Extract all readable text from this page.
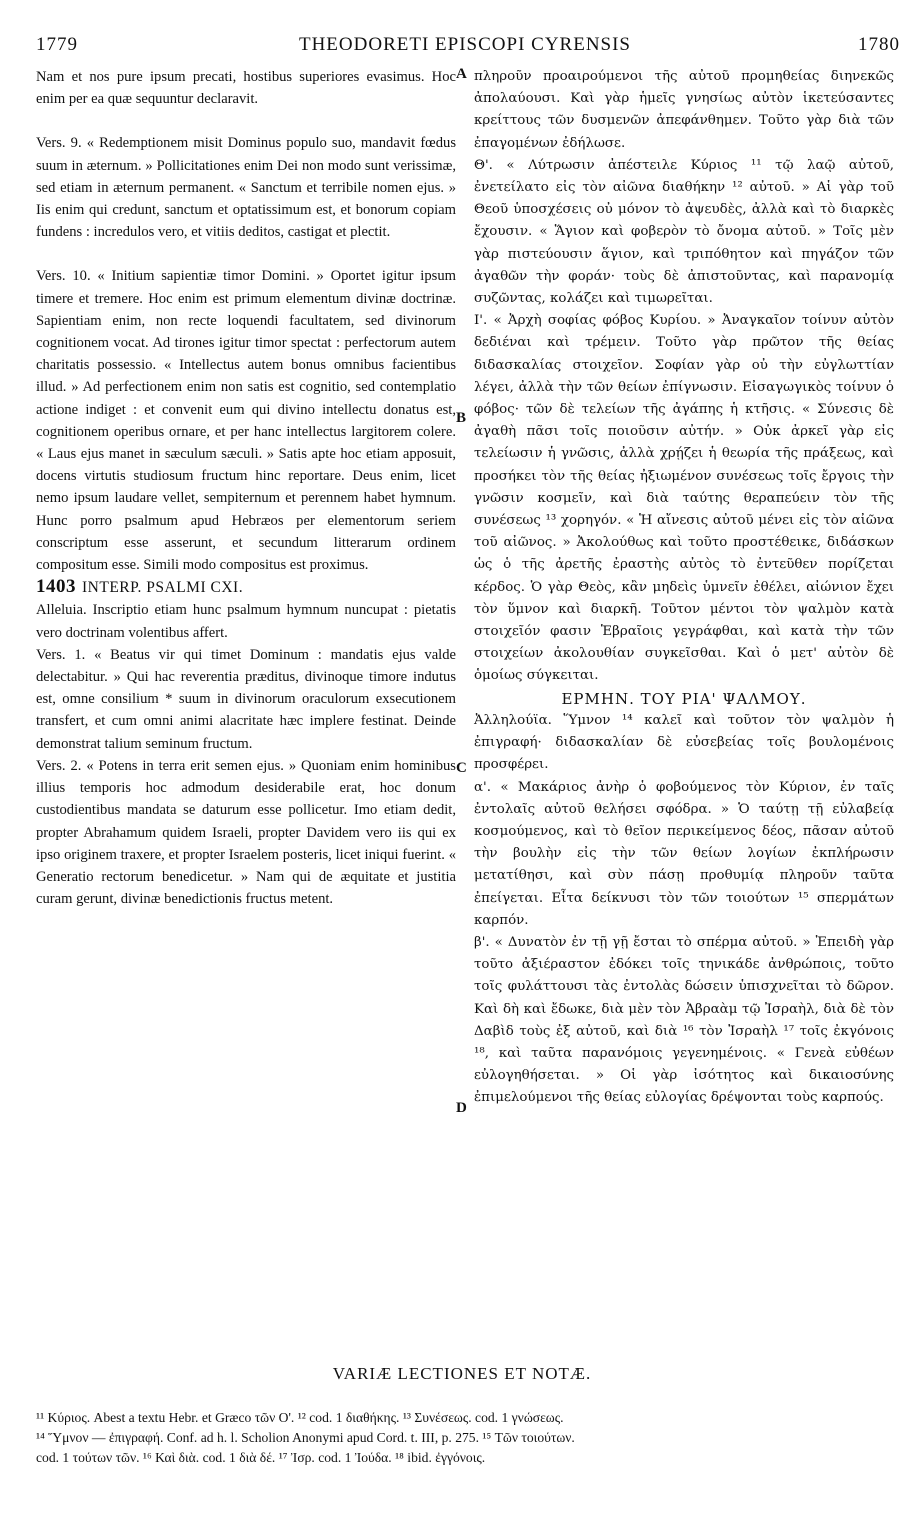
1779	THEODORETI EPISCOPI CYRENSIS	1780
A
B
C
D

Nam et nos pure ipsum precati, hostibus superiores evasimus. Hoc enim per ea quæ sequuntur declaravit.

Vers. 9. « Redemptionem misit Dominus populo suo, mandavit fœdus suum in æternum. » Pollicitationes enim Dei non modo sunt verissimæ, sed etiam in æternum permanent. « Sanctum et terribile nomen ejus. » Iis enim qui credunt, sanctum et optatissimum est, et bonorum copiam fundens : incredulos vero, et vitiis deditos, castigat et plectit.

Vers. 10. « Initium sapientiæ timor Domini. » Oportet igitur ipsum timere et tremere. Hoc enim est primum elementum divinæ doctrinæ. Sapientiam enim, non recte loquendi facultatem, sed divinorum cognitionem vocat. Ad tirones igitur timor spectat : perfectorum autem charitatis possessio. « Intellectus autem bonus omnibus facientibus illud. » Ad perfectionem enim non satis est cognitio, sed contemplatio actione indiget : et convenit eum qui divino intellectu donatus est, cognitionem operibus ornare, et per hanc intellectus largitorem colere. « Laus ejus manet in sæculum sæculi. » Satis apte hoc etiam apposuit, docens virtutis studiosum fructum hinc reportare. Deus enim, licet nemo ipsum laudare vellet, sempiternum et perennem habet hymnum. Hunc porro psalmum apud Hebræos per elementorum seriem conscriptum esse asserunt, et secundum litterarum ordinem compositum esse. Simili modo compositus est proximus.

1403 INTERP. PSALMI CXI.

Alleluia. Inscriptio etiam hunc psalmum hymnum nuncupat : pietatis vero doctrinam volentibus affert.

Vers. 1. « Beatus vir qui timet Dominum : mandatis ejus valde delectabitur. » Qui hac reverentia præditus, divinoque timore indutus est, omne consilium * suum in divinorum oraculorum exsecutionem transfert, et cum omni animi alacritate hæc implere festinat. Deinde demonstrat talium seminum fructum.

Vers. 2. « Potens in terra erit semen ejus. » Quoniam enim hominibus illius temporis hoc admodum desiderabile erat, hoc donum custodientibus mandata se daturum esse pollicetur. Imo etiam dedit, propter Abrahamum quidem Israeli, propter Davidem vero iis qui ex ipso originem traxere, et propter Israelem posteris, licet iniqui fuerint. « Generatio rectorum benedicetur. » Nam qui de æquitate et justitia curam gerunt, divinæ benedictionis fructus metent.

πληροῦν προαιρούμενοι τῆς αὐτοῦ προμηθείας διηνεκῶς ἀπολαύουσι. Καὶ γὰρ ἡμεῖς γνησίως αὐτὸν ἱκετεύσαντες κρείττους τῶν δυσμενῶν ἀπεφάνθημεν. Τοῦτο γὰρ διὰ τῶν ἐπαγομένων ἐδήλωσε.

Θ'. « Λύτρωσιν ἀπέστειλε Κύριος ¹¹ τῷ λαῷ αὐτοῦ, ἐνετείλατο εἰς τὸν αἰῶνα διαθήκην ¹² αὐτοῦ. » Αἱ γὰρ τοῦ Θεοῦ ὑποσχέσεις οὐ μόνον τὸ ἀψευδὲς, ἀλλὰ καὶ τὸ διαρκὲς ἔχουσιν. « Ἅγιον καὶ φοβερὸν τὸ ὄνομα αὐτοῦ. » Τοῖς μὲν γὰρ πιστεύουσιν ἅγιον, καὶ τριπόθητον καὶ πηγάζον τῶν ἀγαθῶν τὴν φοράν· τοὺς δὲ ἀπιστοῦντας, καὶ παρανομίᾳ συζῶντας, κολάζει καὶ τιμωρεῖται.

Ι'. « Ἀρχὴ σοφίας φόβος Κυρίου. » Ἀναγκαῖον τοίνυν αὐτὸν δεδιέναι καὶ τρέμειν. Τοῦτο γὰρ πρῶτον τῆς θείας διδασκαλίας στοιχεῖον. Σοφίαν γὰρ οὐ τὴν εὐγλωττίαν λέγει, ἀλλὰ τὴν τῶν θείων ἐπίγνωσιν. Εἰσαγωγικὸς τοίνυν ὁ φόβος· τῶν δὲ τελείων τῆς ἀγάπης ἡ κτῆσις. « Σύνεσις δὲ ἀγαθὴ πᾶσι τοῖς ποιοῦσιν αὐτήν. » Οὐκ ἀρκεῖ γὰρ εἰς τελείωσιν ἡ γνῶσις, ἀλλὰ χρῄζει ἡ θεωρία τῆς πράξεως, καὶ προσήκει τὸν τῆς θείας ἠξιωμένον συνέσεως τοῖς ἔργοις τὴν γνῶσιν κοσμεῖν, καὶ διὰ ταύτης θεραπεύειν τὸν τῆς συνέσεως ¹³ χορηγόν. « Ἡ αἴνεσις αὐτοῦ μένει εἰς τὸν αἰῶνα τοῦ αἰῶνος. » Ἀκολούθως καὶ τοῦτο προστέθεικε, διδάσκων ὡς ὁ τῆς ἀρετῆς ἐραστὴς αὐτὸς τὸ ἐντεῦθεν πορίζεται κέρδος. Ὁ γὰρ Θεὸς, κἂν μηδεὶς ὑμνεῖν ἐθέλει, αἰώνιον ἔχει τὸν ὕμνον καὶ διαρκῆ. Τοῦτον μέντοι τὸν ψαλμὸν κατὰ στοιχεῖόν φασιν Ἑβραῖοις γεγράφθαι, καὶ κατὰ τὴν τῶν στοιχείων ἀκολουθίαν συγκεῖσθαι. Καὶ ὁ μετ' αὐτὸν δὲ ὁμοίως σύγκειται.

ΕΡΜΗΝ. ΤΟΥ ΡΙΑ' ΨΑΛΜΟΥ.

Ἀλληλούϊα. Ὕμνον ¹⁴ καλεῖ καὶ τοῦτον τὸν ψαλμὸν ἡ ἐπιγραφή· διδασκαλίαν δὲ εὐσεβείας τοῖς βουλομένοις προσφέρει.

α'. « Μακάριος ἀνὴρ ὁ φοβούμενος τὸν Κύριον, ἐν ταῖς ἐντολαῖς αὐτοῦ θελήσει σφόδρα. » Ὁ ταύτῃ τῇ εὐλαβείᾳ κοσμούμενος, καὶ τὸ θεῖον περικείμενος δέος, πᾶσαν αὐτοῦ τὴν βουλὴν εἰς τὴν τῶν θείων λογίων ἐκπλήρωσιν μετατίθησι, καὶ σὺν πάσῃ προθυμίᾳ πληροῦν ταῦτα ἐπείγεται. Εἶτα δείκνυσι τὸν τῶν τοιούτων ¹⁵ σπερμάτων καρπόν.

β'. « Δυνατὸν ἐν τῇ γῇ ἔσται τὸ σπέρμα αὐτοῦ. » Ἐπειδὴ γὰρ τοῦτο ἀξιέραστον ἐδόκει τοῖς τηνικάδε ἀνθρώποις, τοῦτο τοῖς φυλάττουσι τὰς ἐντολὰς δώσειν ὑπισχνεῖται τὸ δῶρον. Καὶ δὴ καὶ ἔδωκε, διὰ μὲν τὸν Ἀβραὰμ τῷ Ἰσραὴλ, διὰ δὲ τὸν Δαβὶδ τοὺς ἐξ αὐτοῦ, καὶ διὰ ¹⁶ τὸν Ἰσραὴλ ¹⁷ τοῖς ἐκγόνοις ¹⁸, καὶ ταῦτα παρανόμοις γεγενημένοις. « Γενεὰ εὐθέων εὐλογηθήσεται. » Οἱ γὰρ ἰσότητος καὶ δικαιοσύνης ἐπιμελούμενοι τῆς θείας εὐλογίας δρέψονται τοὺς καρπούς.

VARIÆ LECTIONES ET NOTÆ.

¹¹ Κύριος. Abest a textu Hebr. et Græco τῶν Ο'. ¹² cod. 1 διαθήκης. ¹³ Συνέσεως. cod. 1 γνώσεως.

¹⁴ Ὕμνον — ἐπιγραφή. Conf. ad h. l. Scholion Anonymi apud Cord. t. III, p. 275. ¹⁵ Τῶν τοιούτων.

cod. 1 τούτων τῶν. ¹⁶ Καὶ διὰ. cod. 1 διὰ δέ. ¹⁷ Ἰσρ. cod. 1 Ἰούδα. ¹⁸ ibid. ἐγγόνοις.
